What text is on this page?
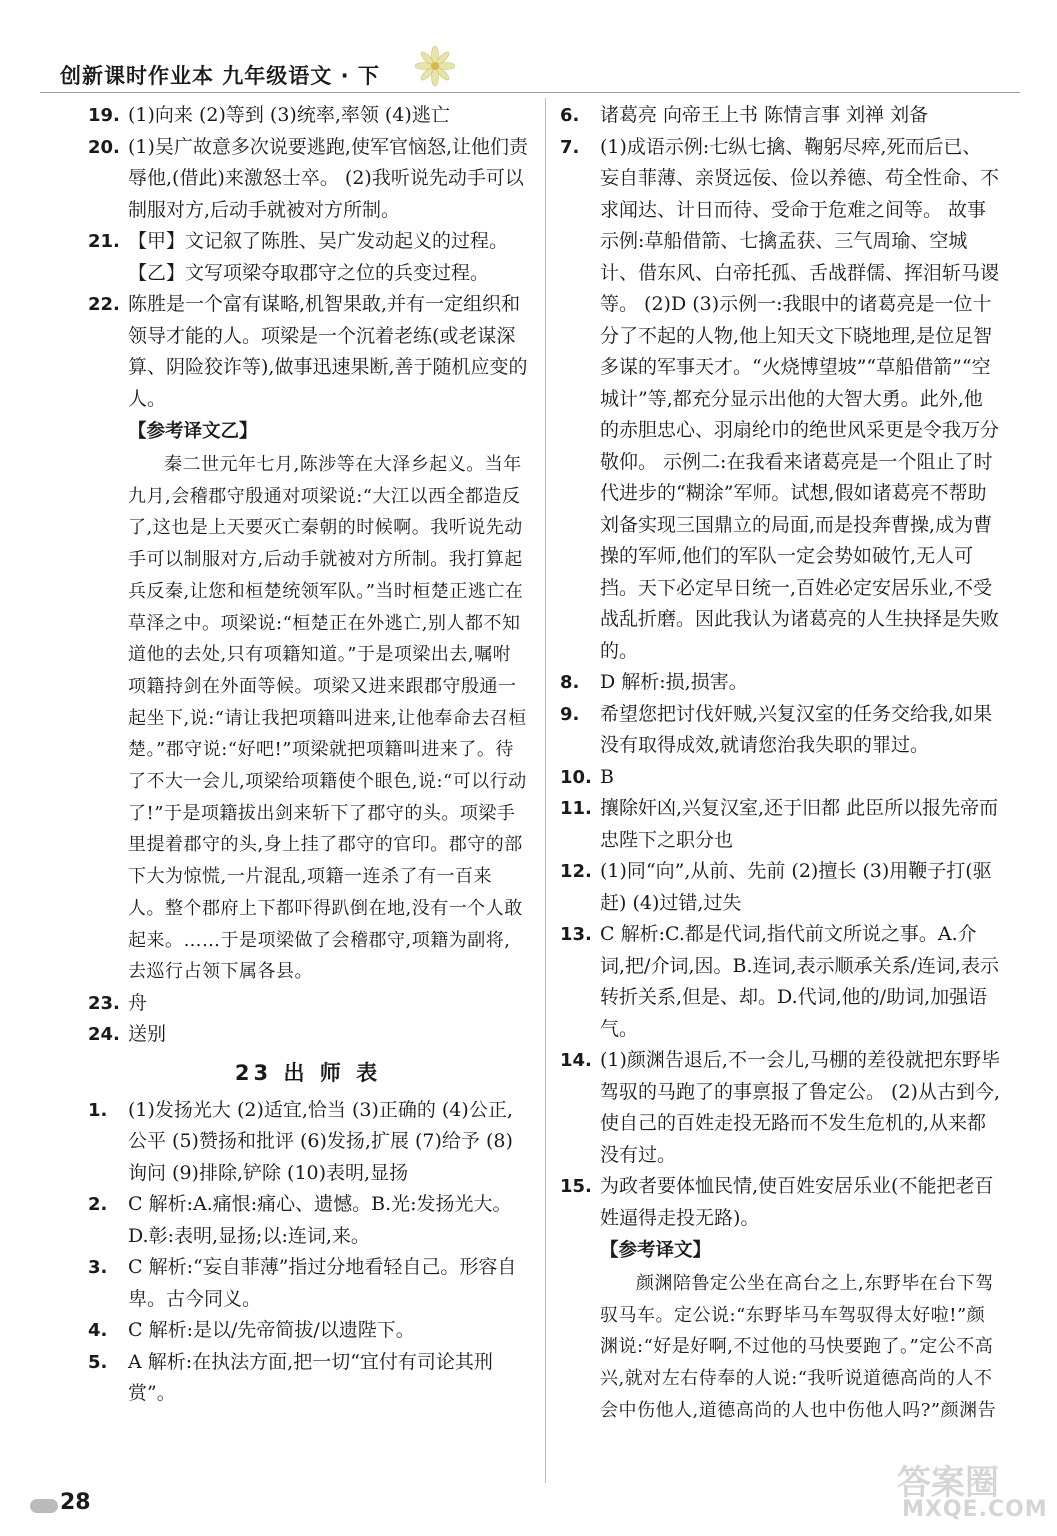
创新课时作业本 九年级语文 · 下

19. (1)向来 (2)等到 (3)统率,率领 (4)逃亡

20. (1)吴广故意多次说要逃跑,使军官恼怒,让他们责辱他,(借此)来激怒士卒。 (2)我听说先动手可以制服对方,后动手就被对方所制。

21. 【甲】文记叙了陈胜、吴广发动起义的过程。【乙】文写项梁夺取郡守之位的兵变过程。

22. 陈胜是一个富有谋略,机智果敢,并有一定组织和领导才能的人。项梁是一个沉着老练(或老谋深算、阴险狡诈等),做事迅速果断,善于随机应变的人。

【参考译文乙】

秦二世元年七月,陈涉等在大泽乡起义。当年九月,会稽郡守殷通对项梁说:“大江以西全都造反了,这也是上天要灭亡秦朝的时候啊。我听说先动手可以制服对方,后动手就被对方所制。我打算起兵反秦,让您和桓楚统领军队。”当时桓楚正逃亡在草泽之中。项梁说:“桓楚正在外逃亡,别人都不知道他的去处,只有项籍知道。”于是项梁出去,嘱咐项籍持剑在外面等候。项梁又进来跟郡守殷通一起坐下,说:“请让我把项籍叫进来,让他奉命去召桓楚。”郡守说:“好吧!”项梁就把项籍叫进来了。待了不大一会儿,项梁给项籍使个眼色,说:“可以行动了!”于是项籍拔出剑来斩下了郡守的头。项梁手里提着郡守的头,身上挂了郡守的官印。郡守的部下大为惊慌,一片混乱,项籍一连杀了有一百来人。整个郡府上下都吓得趴倒在地,没有一个人敢起来。……于是项梁做了会稽郡守,项籍为副将,去巡行占领下属各县。

23. 舟

24. 送别

23 出 师 表

1. (1)发扬光大 (2)适宜,恰当 (3)正确的 (4)公正,公平 (5)赞扬和批评 (6)发扬,扩展 (7)给予 (8)询问 (9)排除,铲除 (10)表明,显扬

2. C 解析:A.痛恨:痛心、遗憾。B.光:发扬光大。D.彰:表明,显扬;以:连词,来。

3. C 解析:“妄自菲薄”指过分地看轻自己。形容自卑。古今同义。

4. C 解析:是以/先帝简拔/以遗陛下。

5. A 解析:在执法方面,把一切“宜付有司论其刑赏”。

6. 诸葛亮 向帝王上书 陈情言事 刘禅 刘备

7. (1)成语示例:七纵七擒、鞠躬尽瘁,死而后已、妄自菲薄、亲贤远佞、俭以养德、苟全性命、不求闻达、计日而待、受命于危难之间等。 故事示例:草船借箭、七擒孟获、三气周瑜、空城计、借东风、白帝托孤、舌战群儒、挥泪斩马谡等。 (2)D (3)示例一:我眼中的诸葛亮是一位十分了不起的人物,他上知天文下晓地理,是位足智多谋的军事天才。“火烧博望坡”“草船借箭”“空城计”等,都充分显示出他的大智大勇。此外,他的赤胆忠心、羽扇纶巾的绝世风采更是令我万分敬仰。 示例二:在我看来诸葛亮是一个阻止了时代进步的“糊涂”军师。试想,假如诸葛亮不帮助刘备实现三国鼎立的局面,而是投奔曹操,成为曹操的军师,他们的军队一定会势如破竹,无人可挡。天下必定早日统一,百姓必定安居乐业,不受战乱折磨。因此我认为诸葛亮的人生抉择是失败的。

8. D 解析:损,损害。

9. 希望您把讨伐奸贼,兴复汉室的任务交给我,如果没有取得成效,就请您治我失职的罪过。

10. B

11. 攘除奸凶,兴复汉室,还于旧都 此臣所以报先帝而忠陛下之职分也

12. (1)同“向”,从前、先前 (2)擅长 (3)用鞭子打(驱赶) (4)过错,过失

13. C 解析:C.都是代词,指代前文所说之事。A.介词,把/介词,因。B.连词,表示顺承关系/连词,表示转折关系,但是、却。D.代词,他的/助词,加强语气。

14. (1)颜渊告退后,不一会儿,马棚的差役就把东野毕驾驭的马跑了的事禀报了鲁定公。 (2)从古到今,使自己的百姓走投无路而不发生危机的,从来都没有过。

15. 为政者要体恤民情,使百姓安居乐业(不能把老百姓逼得走投无路)。

【参考译文】

颜渊陪鲁定公坐在高台之上,东野毕在台下驾驭马车。定公说:“东野毕马车驾驭得太好啦!”颜渊说:“好是好啊,不过他的马快要跑了。”定公不高兴,就对左右侍奉的人说:“我听说道德高尚的人不会中伤他人,道德高尚的人也中伤他人吗?”颜渊告

28	答案圈
MXQE.COM
